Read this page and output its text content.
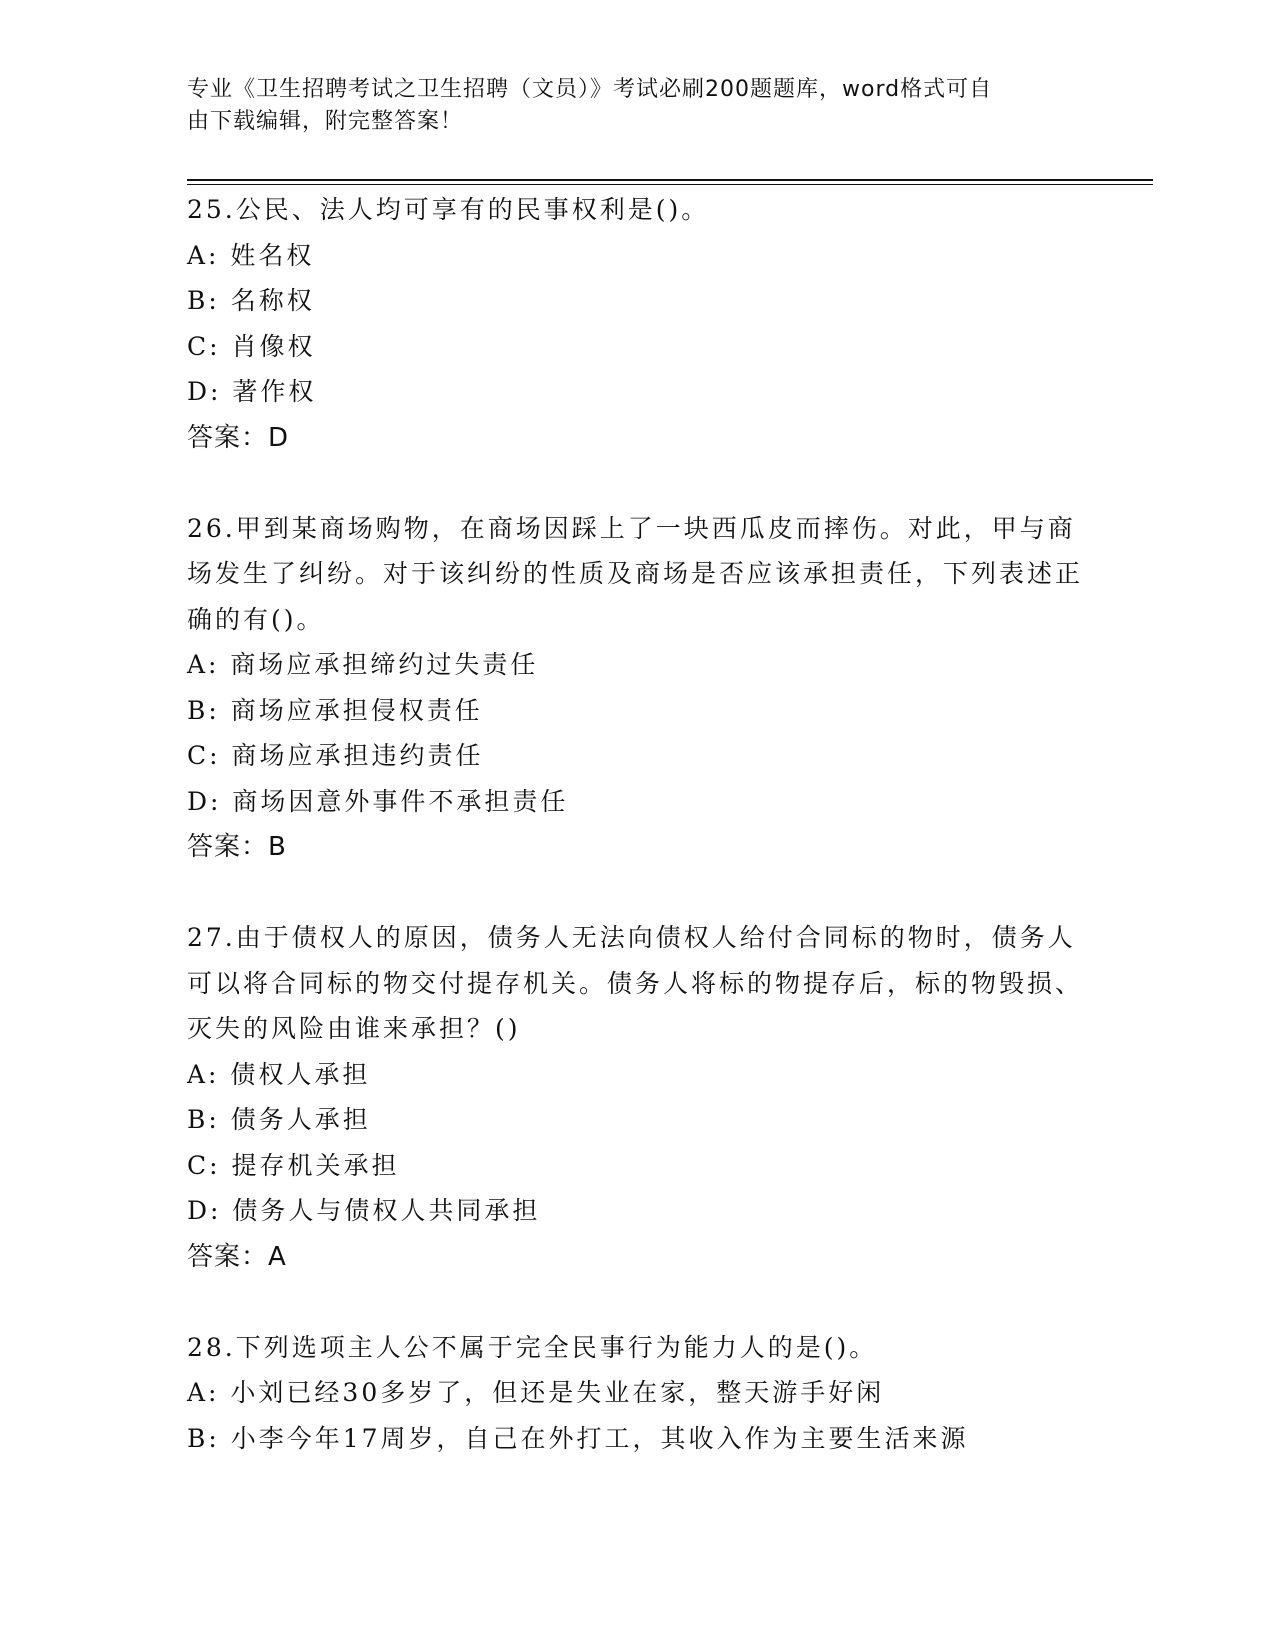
专业《卫生招聘考试之卫生招聘（文员）》考试必刷200题题库，word格式可自
由下载编辑，附完整答案！
25.公民、法人均可享有的民事权利是()。
A: 姓名权
B: 名称权
C: 肖像权
D: 著作权
答案：D
26.甲到某商场购物，在商场因踩上了一块西瓜皮而摔伤。对此，甲与商场发生了纠纷。对于该纠纷的性质及商场是否应该承担责任，下列表述正确的有()。
A: 商场应承担缔约过失责任
B: 商场应承担侵权责任
C: 商场应承担违约责任
D: 商场因意外事件不承担责任
答案：B
27.由于债权人的原因，债务人无法向债权人给付合同标的物时，债务人可以将合同标的物交付提存机关。债务人将标的物提存后，标的物毁损、灭失的风险由谁来承担？()
A: 债权人承担
B: 债务人承担
C: 提存机关承担
D: 债务人与债权人共同承担
答案：A
28.下列选项主人公不属于完全民事行为能力人的是()。
A: 小刘已经30多岁了，但还是失业在家，整天游手好闲
B: 小李今年17周岁，自己在外打工，其收入作为主要生活来源
